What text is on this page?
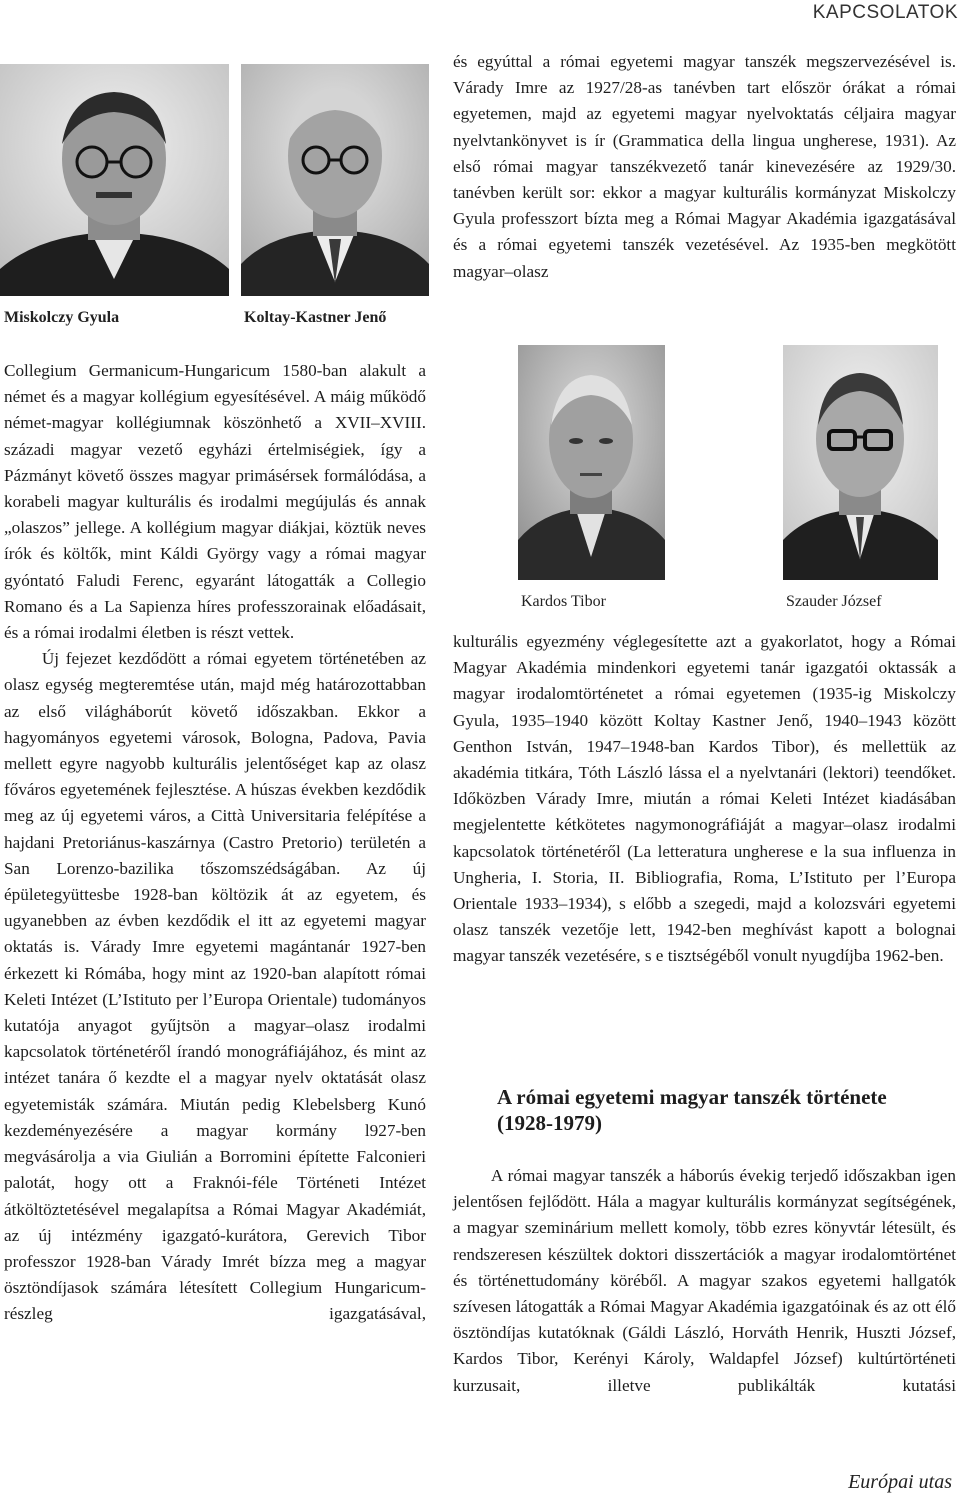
KAPCSOLATOK
Miskolczy Gyula	Koltay-Kastner Jenő

és egyúttal a római egyetemi magyar tanszék megszervezésével is. Várady Imre az 1927/28-as tanévben tart először órákat a római egyetemen, majd az egyetemi magyar nyelvoktatás céljaira magyar nyelvtankönyvet is ír (Grammatica della lingua ungherese, 1931). Az első római magyar tanszékvezető tanár kinevezésére az 1929/30. tanévben került sor: ekkor a magyar kulturális kormányzat Miskolczy Gyula professzort bízta meg a Római Magyar Akadémia igazgatásával és a római egyetemi tanszék vezetésével. Az 1935-ben megkötött magyar–olasz

Collegium Germanicum-Hungaricum 1580-ban alakult a német és a magyar kollégium egyesítésével. A máig működő német-magyar kollégiumnak köszönhető a XVII–XVIII. századi magyar vezető egyházi értelmiségiek, így a Pázmányt követő összes magyar primásérsek formálódása, a korabeli magyar kulturális és irodalmi megújulás és annak „olaszos” jellege. A kollégium magyar diákjai, köztük neves írók és költők, mint Káldi György vagy a római magyar gyóntató Faludi Ferenc, egyaránt látogatták a Collegio Romano és a La Sapienza híres professzorainak előadásait, és a római irodalmi életben is részt vettek.

Új fejezet kezdődött a római egyetem történetében az olasz egység megteremtése után, majd még határozottabban az első világháborút követő időszakban. Ekkor a hagyományos egyetemi városok, Bologna, Padova, Pavia mellett egyre nagyobb kulturális jelentőséget kap az olasz főváros egyetemének fejlesztése. A húszas években kezdődik meg az új egyetemi város, a Città Universitaria felépítése a hajdani Pretoriánus-kaszárnya (Castro Pretorio) területén a San Lorenzo-bazilika tőszomszédságában. Az új épületegyüttesbe 1928-ban költözik át az egyetem, és ugyanebben az évben kezdődik el itt az egyetemi magyar oktatás is. Várady Imre egyetemi magántanár 1927-ben érkezett ki Rómába, hogy mint az 1920-ban alapított római Keleti Intézet (L’Istituto per l’Europa Orientale) tudományos kutatója anyagot gyűjtsön a magyar–olasz irodalmi kapcsolatok történetéről írandó monográfiájához, és mint az intézet tanára ő kezdte el a magyar nyelv oktatását olasz egyetemisták számára. Miután pedig Klebelsberg Kunó kezdeményezésére a magyar kormány l927-ben megvásárolja a via Giulián a Borromini építette Falconieri palotát, hogy ott a Fraknói-féle Történeti Intézet átköltöztetésével megalapítsa a Római Magyar Akadémiát, az új intézmény igazgató-kurátora, Gerevich Tibor professzor 1928-ban Várady Imrét bízza meg a magyar ösztöndíjasok számára létesített Collegium Hungaricum-részleg igazgatásával,

Kardos Tibor	Szauder József

kulturális egyezmény véglegesítette azt a gyakorlatot, hogy a Római Magyar Akadémia mindenkori egyetemi tanár igazgatói oktassák a magyar irodalomtörténetet a római egyetemen (1935-ig Miskolczy Gyula, 1935–1940 között Koltay Kastner Jenő, 1940–1943 között Genthon István, 1947–1948-ban Kardos Tibor), és mellettük az akadémia titkára, Tóth László lássa el a nyelvtanári (lektori) teendőket. Időközben Várady Imre, miután a római Keleti Intézet kiadásában megjelentette kétkötetes nagymonográfiáját a magyar–olasz irodalmi kapcsolatok történetéről (La letteratura ungherese e la sua influenza in Ungheria, I. Storia, II. Bibliografia, Roma, L’Istituto per l’Europa Orientale 1933–1934), s előbb a szegedi, majd a kolozsvári egyetemi olasz tanszék vezetője lett, 1942-ben meghívást kapott a bolognai magyar tanszék vezetésére, s e tisztségéből vonult nyugdíjba 1962-ben.

A római egyetemi magyar tanszék története (1928-1979)

A római magyar tanszék a háborús évekig terjedő időszakban igen jelentősen fejlődött. Hála a magyar kulturális kormányzat segítségének, a magyar szeminárium mellett komoly, több ezres könyvtár létesült, és rendszeresen készültek doktori disszertációk a magyar irodalomtörténet és történettudomány köréből. A magyar szakos egyetemi hallgatók szívesen látogatták a Római Magyar Akadémia igazgatóinak és az ott élő ösztöndíjas kutatóknak (Gáldi László, Horváth Henrik, Huszti József, Kardos Tibor, Kerényi Károly, Waldapfel József) kultúrtörténeti kurzusait, illetve publikálták kutatási

Európai utas
